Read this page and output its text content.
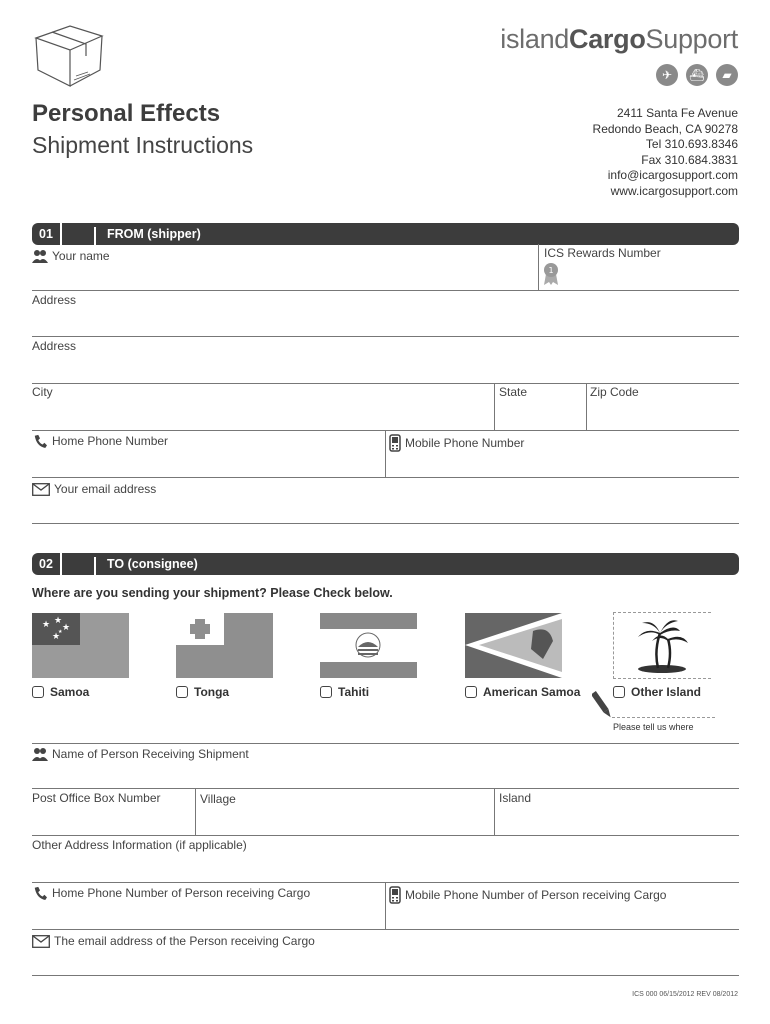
islandCargoSupport
✈	⛴	▰
Personal Effects
Shipment Instructions
2411 Santa Fe Avenue
Redondo Beach, CA 90278
Tel 310.693.8346
Fax 310.684.3831
info@icargosupport.com
www.icargosupport.com
01	FROM (shipper)
Your name	ICS Rewards Number
1
Address
Address
City	State	Zip Code
Home Phone Number	Mobile Phone Number
Your email address
02	TO (consignee)
Where are you sending your shipment? Please Check below.
★ ★
★
★
★
Samoa	Tonga	Tahiti	American Samoa	Other Island
Please tell us where
Name of Person Receiving Shipment
Post Office Box Number	Village	Island
Other Address Information (if applicable)
Home Phone Number of Person receiving Cargo	Mobile Phone Number of Person receiving Cargo
The email address of the Person receiving Cargo
ICS 000 06/15/2012 REV 08/2012
